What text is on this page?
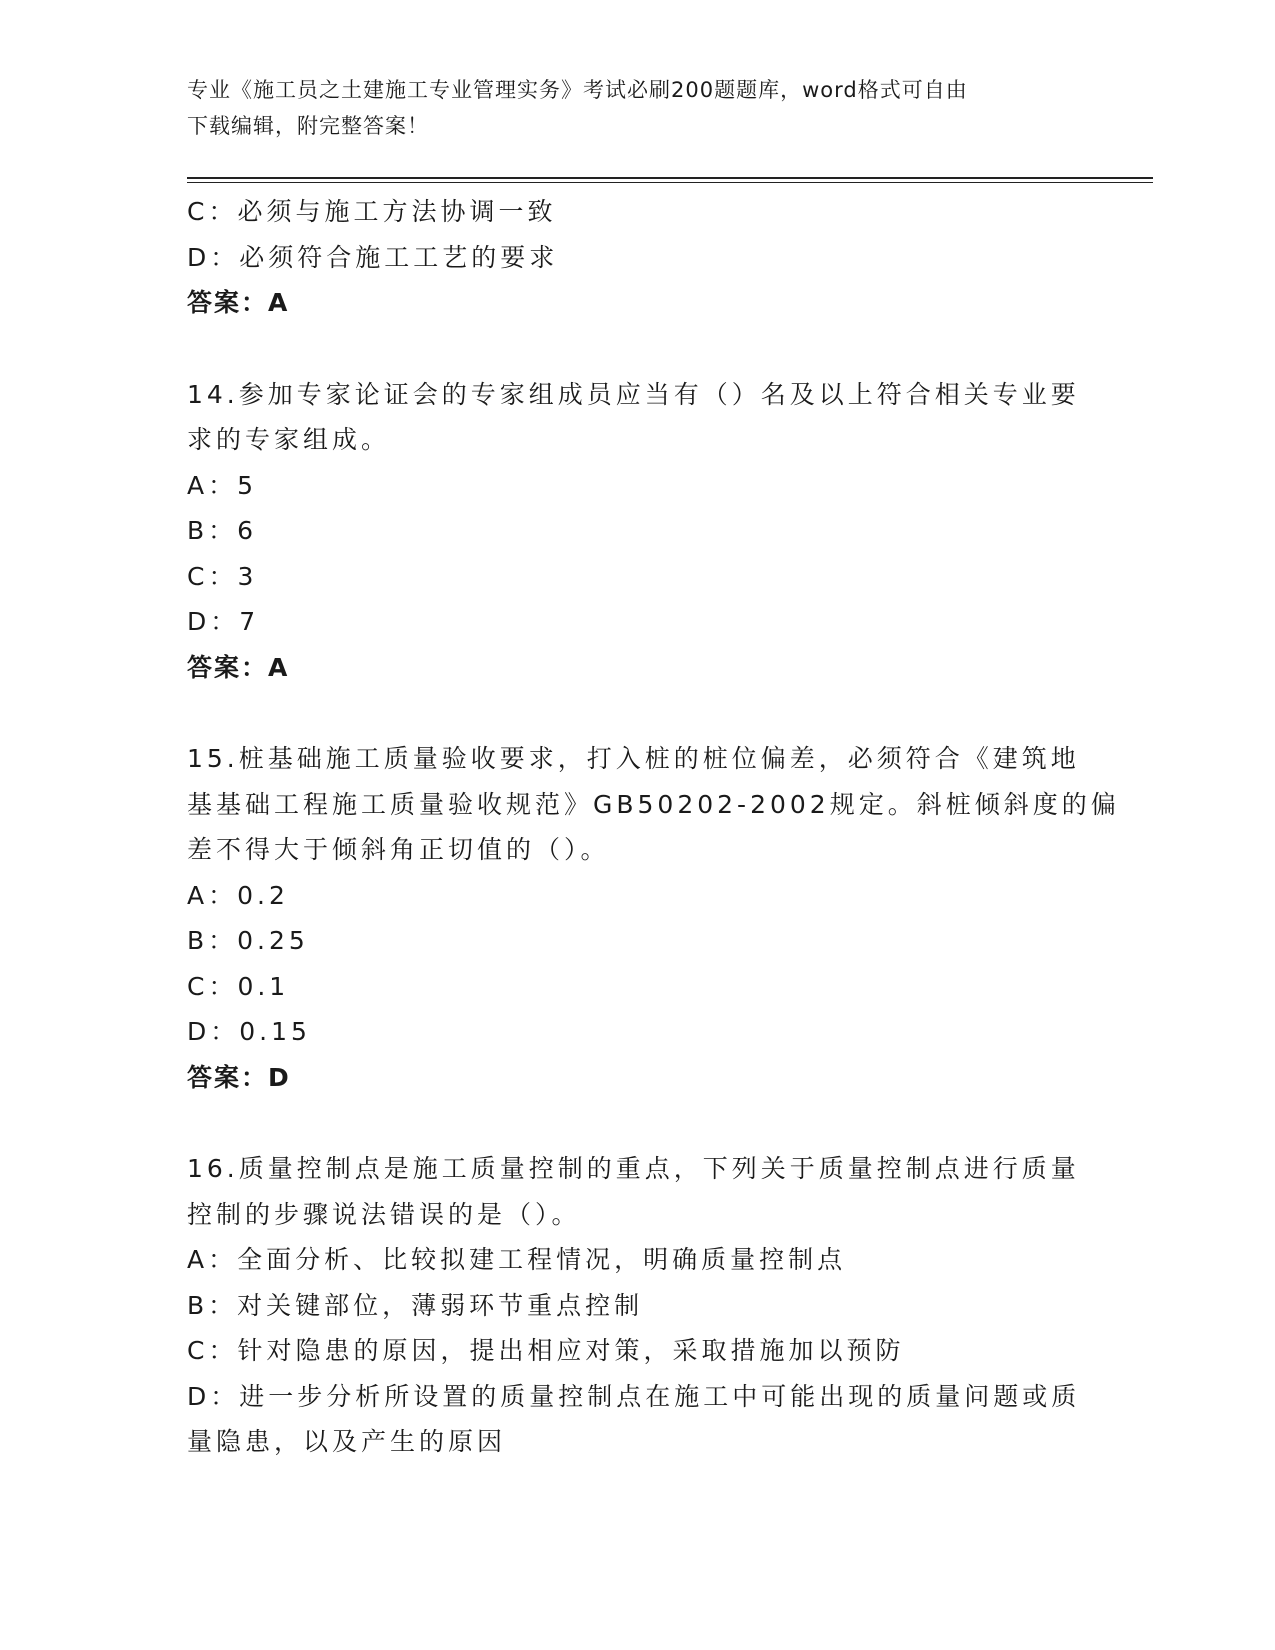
专业《施工员之土建施工专业管理实务》考试必刷200题题库，word格式可自由
下载编辑，附完整答案！
C：必须与施工方法协调一致
D：必须符合施工工艺的要求
答案：A
14.参加专家论证会的专家组成员应当有（）名及以上符合相关专业要
求的专家组成。
A：5
B：6
C：3
D：7
答案：A
15.桩基础施工质量验收要求，打入桩的桩位偏差，必须符合《建筑地
基基础工程施工质量验收规范》GB50202-2002规定。斜桩倾斜度的偏
差不得大于倾斜角正切值的（）。
A：0.2
B：0.25
C：0.1
D：0.15
答案：D
16.质量控制点是施工质量控制的重点，下列关于质量控制点进行质量
控制的步骤说法错误的是（）。
A：全面分析、比较拟建工程情况，明确质量控制点
B：对关键部位，薄弱环节重点控制
C：针对隐患的原因，提出相应对策，采取措施加以预防
D：进一步分析所设置的质量控制点在施工中可能出现的质量问题或质
量隐患，以及产生的原因
